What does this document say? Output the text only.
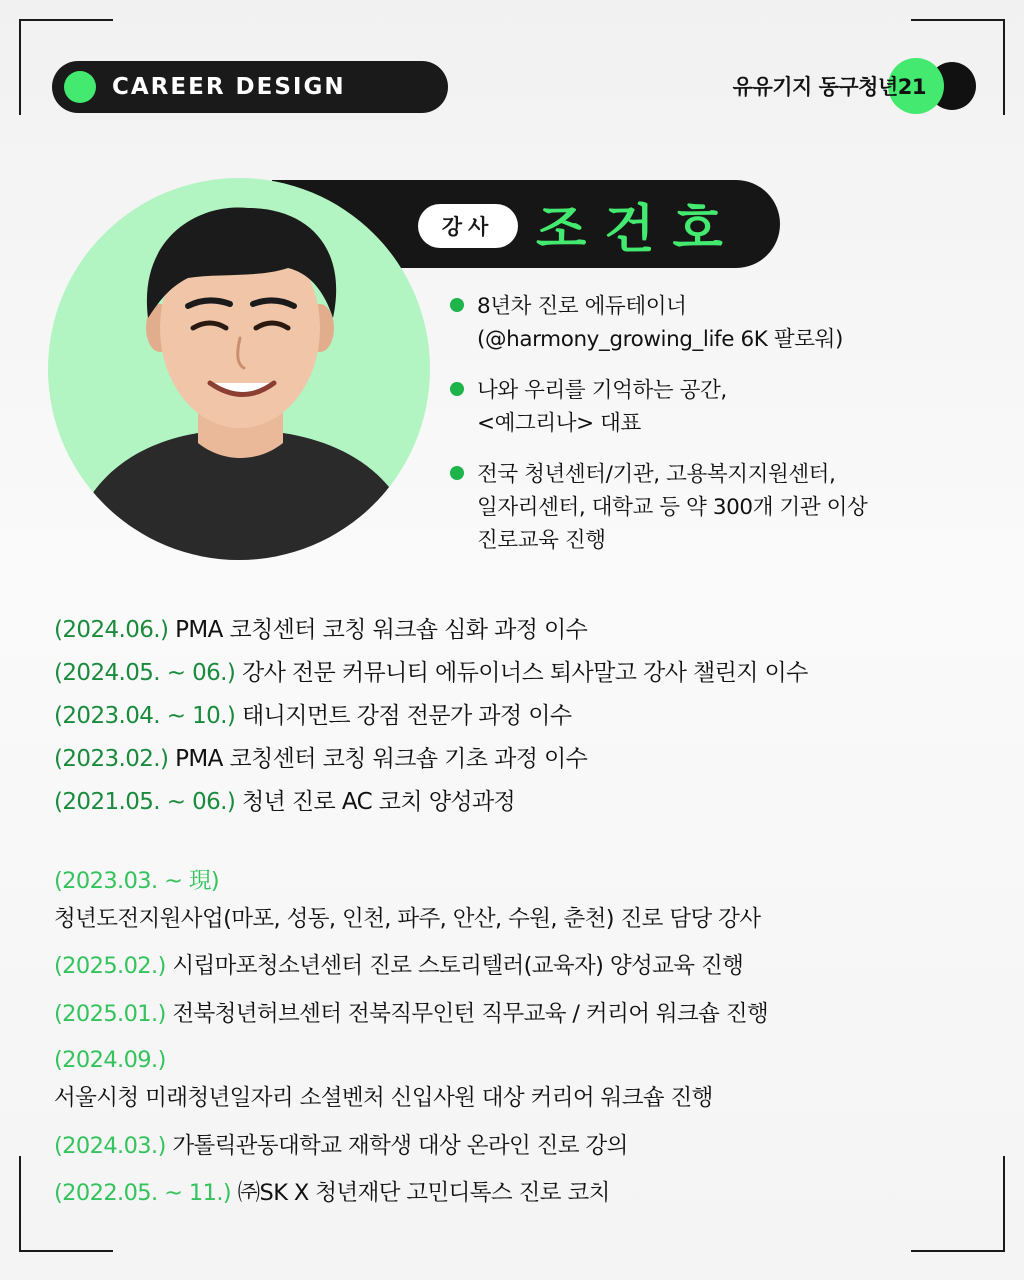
CAREER DESIGN	유유기지 동구청년21
강사 조건호
8년차 진로 에듀테이너
(@harmony_growing_life 6K 팔로워)
나와 우리를 기억하는 공간,
<예그리나> 대표
전국 청년센터/기관, 고용복지지원센터,
일자리센터, 대학교 등 약 300개 기관 이상
진로교육 진행
(2024.06.) PMA 코칭센터 코칭 워크숍 심화 과정 이수
(2024.05. ~ 06.) 강사 전문 커뮤니티 에듀이너스 퇴사말고 강사 챌린지 이수
(2023.04. ~ 10.) 태니지먼트 강점 전문가 과정 이수
(2023.02.) PMA 코칭센터 코칭 워크숍 기초 과정 이수
(2021.05. ~ 06.) 청년 진로 AC 코치 양성과정
(2023.03. ~ 現)
청년도전지원사업(마포, 성동, 인천, 파주, 안산, 수원, 춘천) 진로 담당 강사
(2025.02.) 시립마포청소년센터 진로 스토리텔러(교육자) 양성교육 진행
(2025.01.) 전북청년허브센터 전북직무인턴 직무교육 / 커리어 워크숍 진행
(2024.09.)
서울시청 미래청년일자리 소셜벤처 신입사원 대상 커리어 워크숍 진행
(2024.03.) 가톨릭관동대학교 재학생 대상 온라인 진로 강의
(2022.05. ~ 11.) ㈜SK X 청년재단 고민디톡스 진로 코치
